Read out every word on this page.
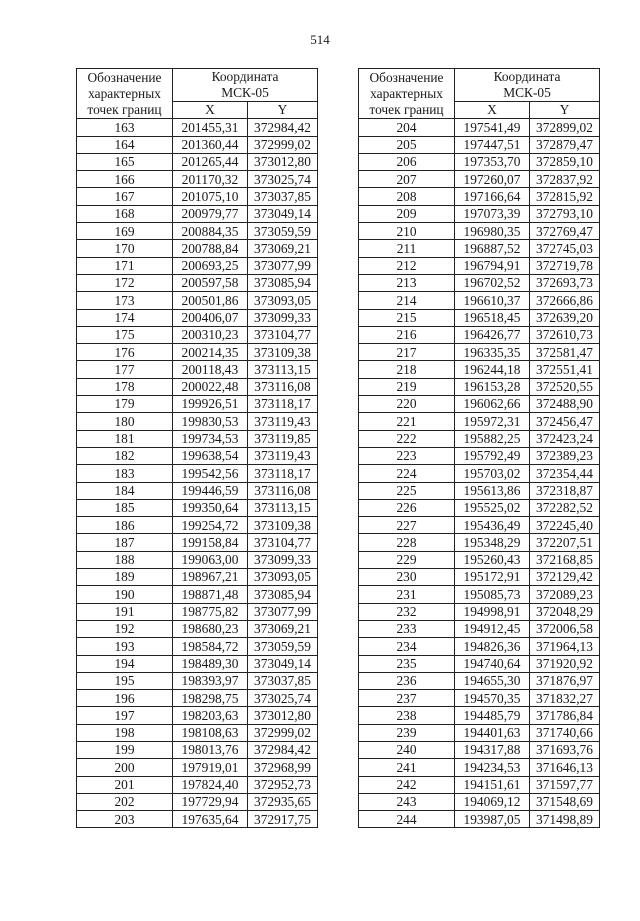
514
Обозначение
характерных
точек границ	Координата
МСК-05	

	X	Y
163	201455,31	372984,42
164	201360,44	372999,02
165	201265,44	373012,80
166	201170,32	373025,74
167	201075,10	373037,85
168	200979,77	373049,14
169	200884,35	373059,59
170	200788,84	373069,21
171	200693,25	373077,99
172	200597,58	373085,94
173	200501,86	373093,05
174	200406,07	373099,33
175	200310,23	373104,77
176	200214,35	373109,38
177	200118,43	373113,15
178	200022,48	373116,08
179	199926,51	373118,17
180	199830,53	373119,43
181	199734,53	373119,85
182	199638,54	373119,43
183	199542,56	373118,17
184	199446,59	373116,08
185	199350,64	373113,15
186	199254,72	373109,38
187	199158,84	373104,77
188	199063,00	373099,33
189	198967,21	373093,05
190	198871,48	373085,94
191	198775,82	373077,99
192	198680,23	373069,21
193	198584,72	373059,59
194	198489,30	373049,14
195	198393,97	373037,85
196	198298,75	373025,74
197	198203,63	373012,80
198	198108,63	372999,02
199	198013,76	372984,42
200	197919,01	372968,99
201	197824,40	372952,73
202	197729,94	372935,65
203	197635,64	372917,75
Обозначение
характерных
точек границ	Координата
МСК-05	

	X	Y
204	197541,49	372899,02
205	197447,51	372879,47
206	197353,70	372859,10
207	197260,07	372837,92
208	197166,64	372815,92
209	197073,39	372793,10
210	196980,35	372769,47
211	196887,52	372745,03
212	196794,91	372719,78
213	196702,52	372693,73
214	196610,37	372666,86
215	196518,45	372639,20
216	196426,77	372610,73
217	196335,35	372581,47
218	196244,18	372551,41
219	196153,28	372520,55
220	196062,66	372488,90
221	195972,31	372456,47
222	195882,25	372423,24
223	195792,49	372389,23
224	195703,02	372354,44
225	195613,86	372318,87
226	195525,02	372282,52
227	195436,49	372245,40
228	195348,29	372207,51
229	195260,43	372168,85
230	195172,91	372129,42
231	195085,73	372089,23
232	194998,91	372048,29
233	194912,45	372006,58
234	194826,36	371964,13
235	194740,64	371920,92
236	194655,30	371876,97
237	194570,35	371832,27
238	194485,79	371786,84
239	194401,63	371740,66
240	194317,88	371693,76
241	194234,53	371646,13
242	194151,61	371597,77
243	194069,12	371548,69
244	193987,05	371498,89
